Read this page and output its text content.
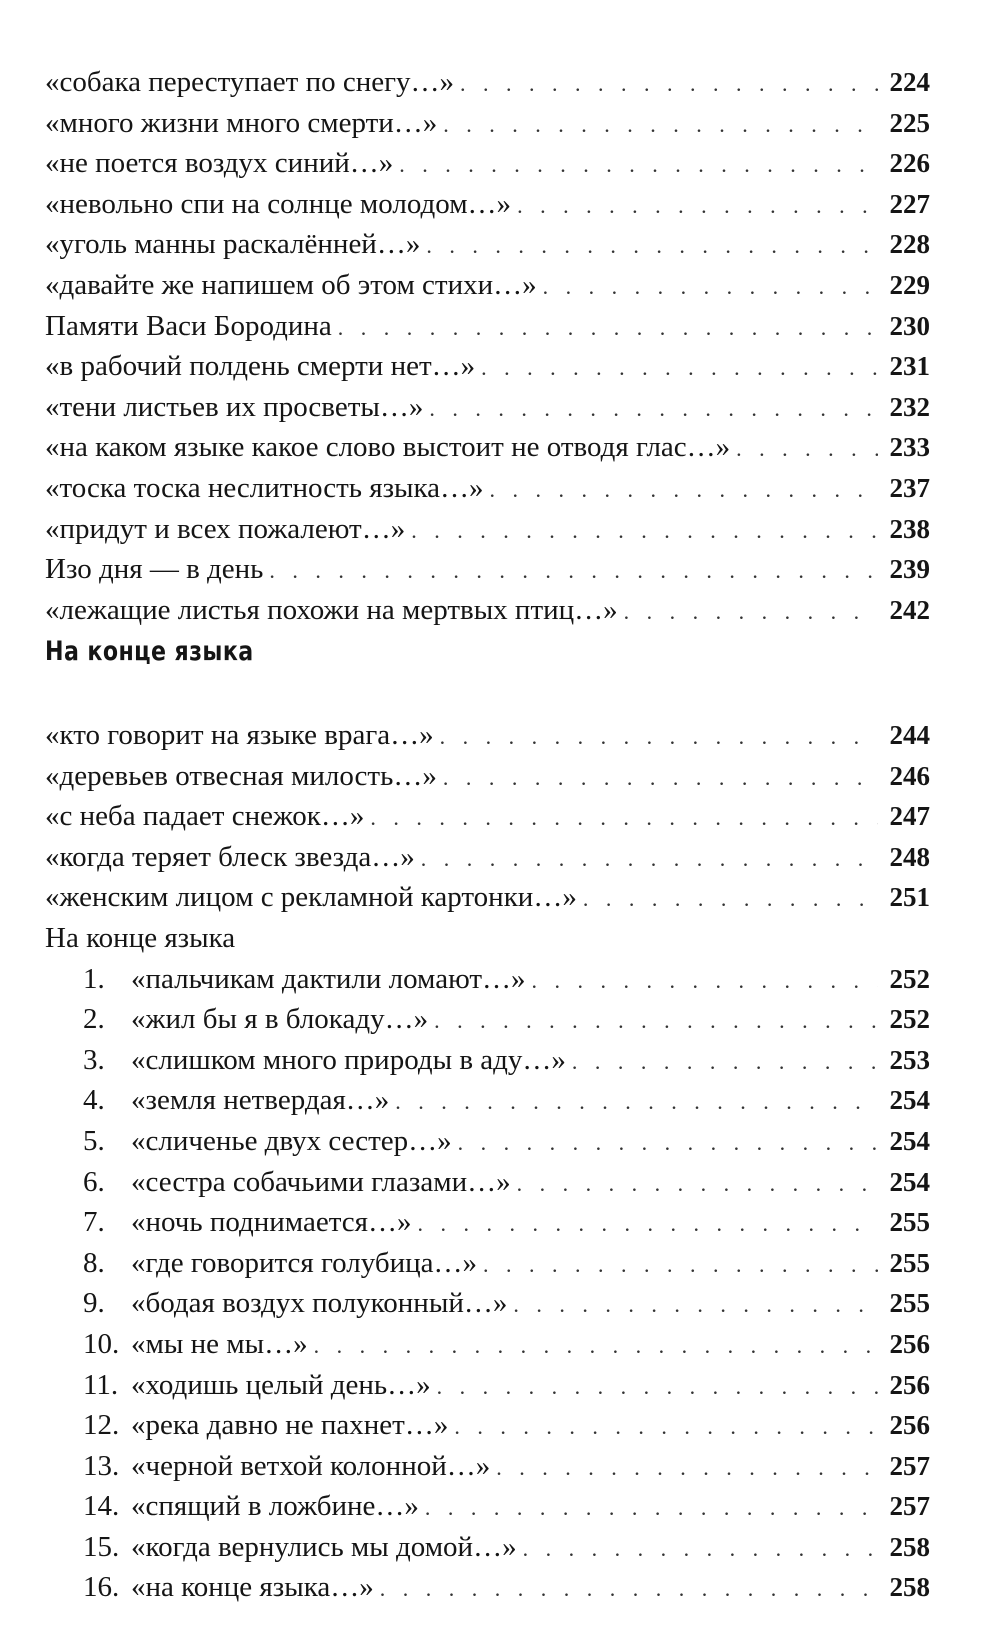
«собака переступает по снегу…» . . .	224
«много жизни много смерти…» . . .	225
«не поется воздух синий…» . . .	226
«невольно спи на солнце молодом…» . . .	227
«уголь манны раскалённей…» . . .	228
«давайте же напишем об этом стихи…» . . .	229
Памяти Васи Бородина . . .	230
«в рабочий полдень смерти нет…» . . .	231
«тени листьев их просветы…» . . .	232
«на каком языке какое слово выстоит не отводя глас…» . . .	233
«тоска тоска неслитность языка…» . . .	237
«придут и всех пожалеют…» . . .	238
Изо дня — в день . . .	239
«лежащие листья похожи на мертвых птиц…» . . .	242
На конце языка
«кто говорит на языке врага…» . . .	244
«деревьев отвесная милость…» . . .	246
«с неба падает снежок…» . . .	247
«когда теряет блеск звезда…» . . .	248
«женским лицом с рекламной картонки…» . . .	251
На конце языка
1. «пальчикам дактили ломают…» . . .	252
2. «жил бы я в блокаду…» . . .	252
3. «слишком много природы в аду…» . . .	253
4. «земля нетвердая…» . . .	254
5. «сличенье двух сестер…» . . .	254
6. «сестра собачьими глазами…» . . .	254
7. «ночь поднимается…» . . .	255
8. «где говорится голубица…» . . .	255
9. «бодая воздух полуконный…» . . .	255
10. «мы не мы…» . . .	256
11. «ходишь целый день…» . . .	256
12. «река давно не пахнет…» . . .	256
13. «черной ветхой колонной…» . . .	257
14. «спящий в ложбине…» . . .	257
15. «когда вернулись мы домой…» . . .	258
16. «на конце языка…» . . .	258
